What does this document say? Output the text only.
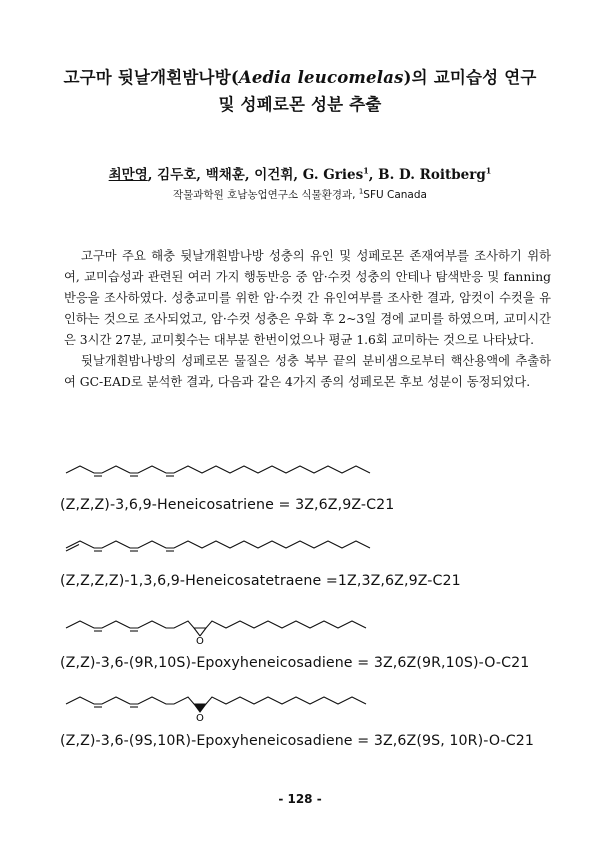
고구마 뒷날개흰밤나방(Aedia leucomelas)의 교미습성 연구
및 성페로몬 성분 추출
최만영, 김두호, 백채훈, 이건휘, G. Gries$^1$, B. D. Roitberg$^1$
작물과학원 호남농업연구소 식물환경과, $^1$SFU Canada

고구마 주요 해충 뒷날개흰밤나방 성충의 유인 및 성페로몬 존재여부를 조사하기 위하여, 교미습성과 관련된 여러 가지 행동반응 중 암·수컷 성충의 안테나 탐색반응 및 fanning 반응을 조사하였다. 성충교미를 위한 암·수컷 간 유인여부를 조사한 결과, 암컷이 수컷을 유인하는 것으로 조사되었고, 암·수컷 성충은 우화 후 2~3일 경에 교미를 하였으며, 교미시간은 3시간 27분, 교미횟수는 대부분 한번이었으나 평균 1.6회 교미하는 것으로 나타났다.

뒷날개흰밤나방의 성페로몬 물질은 성충 복부 끝의 분비샘으로부터 핵산용액에 추출하여 GC-EAD로 분석한 결과, 다음과 같은 4가지 종의 성페로몬 후보 성분이 동정되었다.

(Z,Z,Z)-3,6,9-Heneicosatriene = 3Z,6Z,9Z-C21
(Z,Z,Z,Z)-1,3,6,9-Heneicosatetraene =1Z,3Z,6Z,9Z-C21
O
(Z,Z)-3,6-(9R,10S)-Epoxyheneicosadiene = 3Z,6Z(9R,10S)-O-C21
O
(Z,Z)-3,6-(9S,10R)-Epoxyheneicosadiene = 3Z,6Z(9S, 10R)-O-C21
- 128 -
